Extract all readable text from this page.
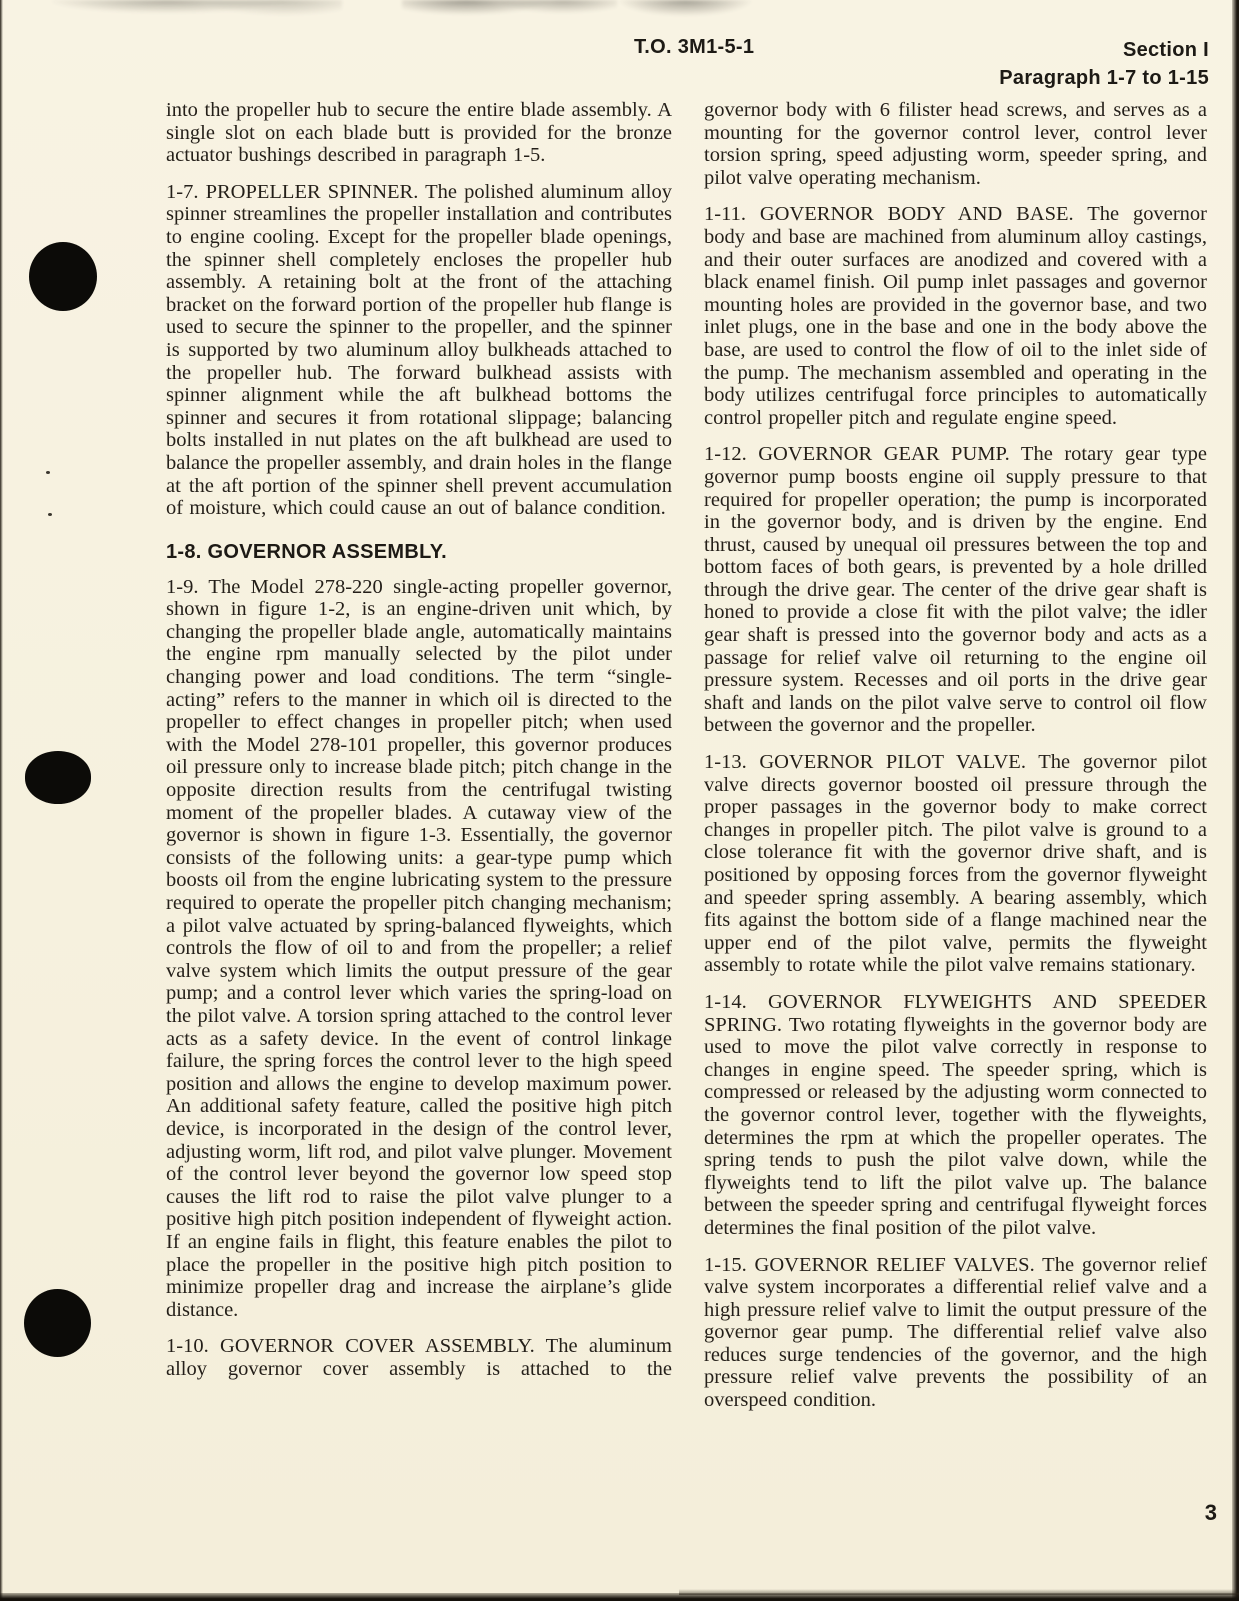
T.O. 3M1-5-1	Section I
Paragraph 1-7 to 1-15

into the propeller hub to secure the entire blade assembly. A single slot on each blade butt is provided for the bronze actuator bushings described in paragraph 1-5.

1-7. PROPELLER SPINNER. The polished aluminum alloy spinner streamlines the propeller installation and contributes to engine cooling. Except for the propeller blade openings, the spinner shell completely encloses the propeller hub assembly. A retaining bolt at the front of the attaching bracket on the forward portion of the propeller hub flange is used to secure the spinner to the propeller, and the spinner is supported by two aluminum alloy bulkheads attached to the propeller hub. The forward bulkhead assists with spinner alignment while the aft bulkhead bottoms the spinner and secures it from rotational slippage; balancing bolts installed in nut plates on the aft bulkhead are used to balance the propeller assembly, and drain holes in the flange at the aft portion of the spinner shell prevent accumulation of moisture, which could cause an out of balance condition.

1-8. GOVERNOR ASSEMBLY.

1-9. The Model 278-220 single-acting propeller governor, shown in figure 1-2, is an engine-driven unit which, by changing the propeller blade angle, automatically maintains the engine rpm manually selected by the pilot under changing power and load conditions. The term “single-acting” refers to the manner in which oil is directed to the propeller to effect changes in propeller pitch; when used with the Model 278-101 propeller, this governor produces oil pressure only to increase blade pitch; pitch change in the opposite direction results from the centrifugal twisting moment of the propeller blades. A cutaway view of the governor is shown in figure 1-3. Essentially, the governor consists of the following units: a gear-type pump which boosts oil from the engine lubricating system to the pressure required to operate the propeller pitch changing mechanism; a pilot valve actuated by spring-balanced flyweights, which controls the flow of oil to and from the propeller; a relief valve system which limits the output pressure of the gear pump; and a control lever which varies the spring-load on the pilot valve. A torsion spring attached to the control lever acts as a safety device. In the event of control linkage failure, the spring forces the control lever to the high speed position and allows the engine to develop maximum power. An additional safety feature, called the positive high pitch device, is incorporated in the design of the control lever, adjusting worm, lift rod, and pilot valve plunger. Movement of the control lever beyond the governor low speed stop causes the lift rod to raise the pilot valve plunger to a positive high pitch position independent of flyweight action. If an engine fails in flight, this feature enables the pilot to place the propeller in the positive high pitch position to minimize propeller drag and increase the airplane’s glide distance.

1-10. GOVERNOR COVER ASSEMBLY. The aluminum alloy governor cover assembly is attached to the

governor body with 6 filister head screws, and serves as a mounting for the governor control lever, control lever torsion spring, speed adjusting worm, speeder spring, and pilot valve operating mechanism.

1-11. GOVERNOR BODY AND BASE. The governor body and base are machined from aluminum alloy castings, and their outer surfaces are anodized and covered with a black enamel finish. Oil pump inlet passages and governor mounting holes are provided in the governor base, and two inlet plugs, one in the base and one in the body above the base, are used to control the flow of oil to the inlet side of the pump. The mechanism assembled and operating in the body utilizes centrifugal force principles to automatically control propeller pitch and regulate engine speed.

1-12. GOVERNOR GEAR PUMP. The rotary gear type governor pump boosts engine oil supply pressure to that required for propeller operation; the pump is incorporated in the governor body, and is driven by the engine. End thrust, caused by unequal oil pressures between the top and bottom faces of both gears, is prevented by a hole drilled through the drive gear. The center of the drive gear shaft is honed to provide a close fit with the pilot valve; the idler gear shaft is pressed into the governor body and acts as a passage for relief valve oil returning to the engine oil pressure system. Recesses and oil ports in the drive gear shaft and lands on the pilot valve serve to control oil flow between the governor and the propeller.

1-13. GOVERNOR PILOT VALVE. The governor pilot valve directs governor boosted oil pressure through the proper passages in the governor body to make correct changes in propeller pitch. The pilot valve is ground to a close tolerance fit with the governor drive shaft, and is positioned by opposing forces from the governor flyweight and speeder spring assembly. A bearing assembly, which fits against the bottom side of a flange machined near the upper end of the pilot valve, permits the flyweight assembly to rotate while the pilot valve remains stationary.

1-14. GOVERNOR FLYWEIGHTS AND SPEEDER SPRING. Two rotating flyweights in the governor body are used to move the pilot valve correctly in response to changes in engine speed. The speeder spring, which is compressed or released by the adjusting worm connected to the governor control lever, together with the flyweights, determines the rpm at which the propeller operates. The spring tends to push the pilot valve down, while the flyweights tend to lift the pilot valve up. The balance between the speeder spring and centrifugal flyweight forces determines the final position of the pilot valve.

1-15. GOVERNOR RELIEF VALVES. The governor relief valve system incorporates a differential relief valve and a high pressure relief valve to limit the output pressure of the governor gear pump. The differential relief valve also reduces surge tendencies of the governor, and the high pressure relief valve prevents the possibility of an overspeed condition.

3
